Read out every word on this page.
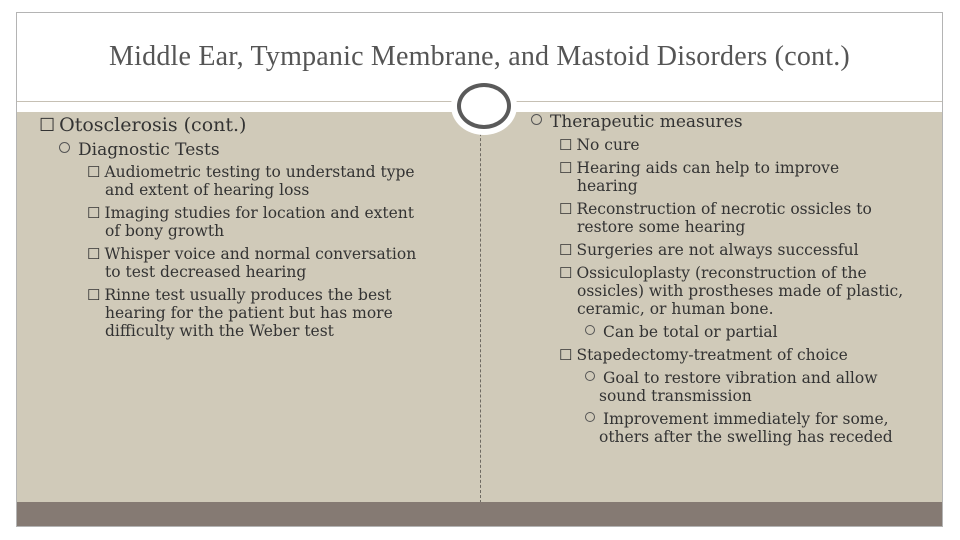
Middle Ear, Tympanic Membrane, and Mastoid Disorders (cont.)
☐ Otosclerosis (cont.)
Diagnostic Tests
☐ Audiometric testing to understand type
and extent of hearing loss
☐ Imaging studies for location and extent
of bony growth
☐ Whisper voice and normal conversation
to test decreased hearing
☐ Rinne test usually produces the best
hearing for the patient but has more
difficulty with the Weber test
Therapeutic measures
☐ No cure
☐ Hearing aids can help to improve
hearing
☐ Reconstruction of necrotic ossicles to
restore some hearing
☐ Surgeries are not always successful
☐ Ossiculoplasty (reconstruction of the
ossicles) with prostheses made of plastic,
ceramic, or human bone.
Can be total or partial
☐ Stapedectomy-treatment of choice
Goal to restore vibration and allow
sound transmission
Improvement immediately for some,
others after the swelling has receded
